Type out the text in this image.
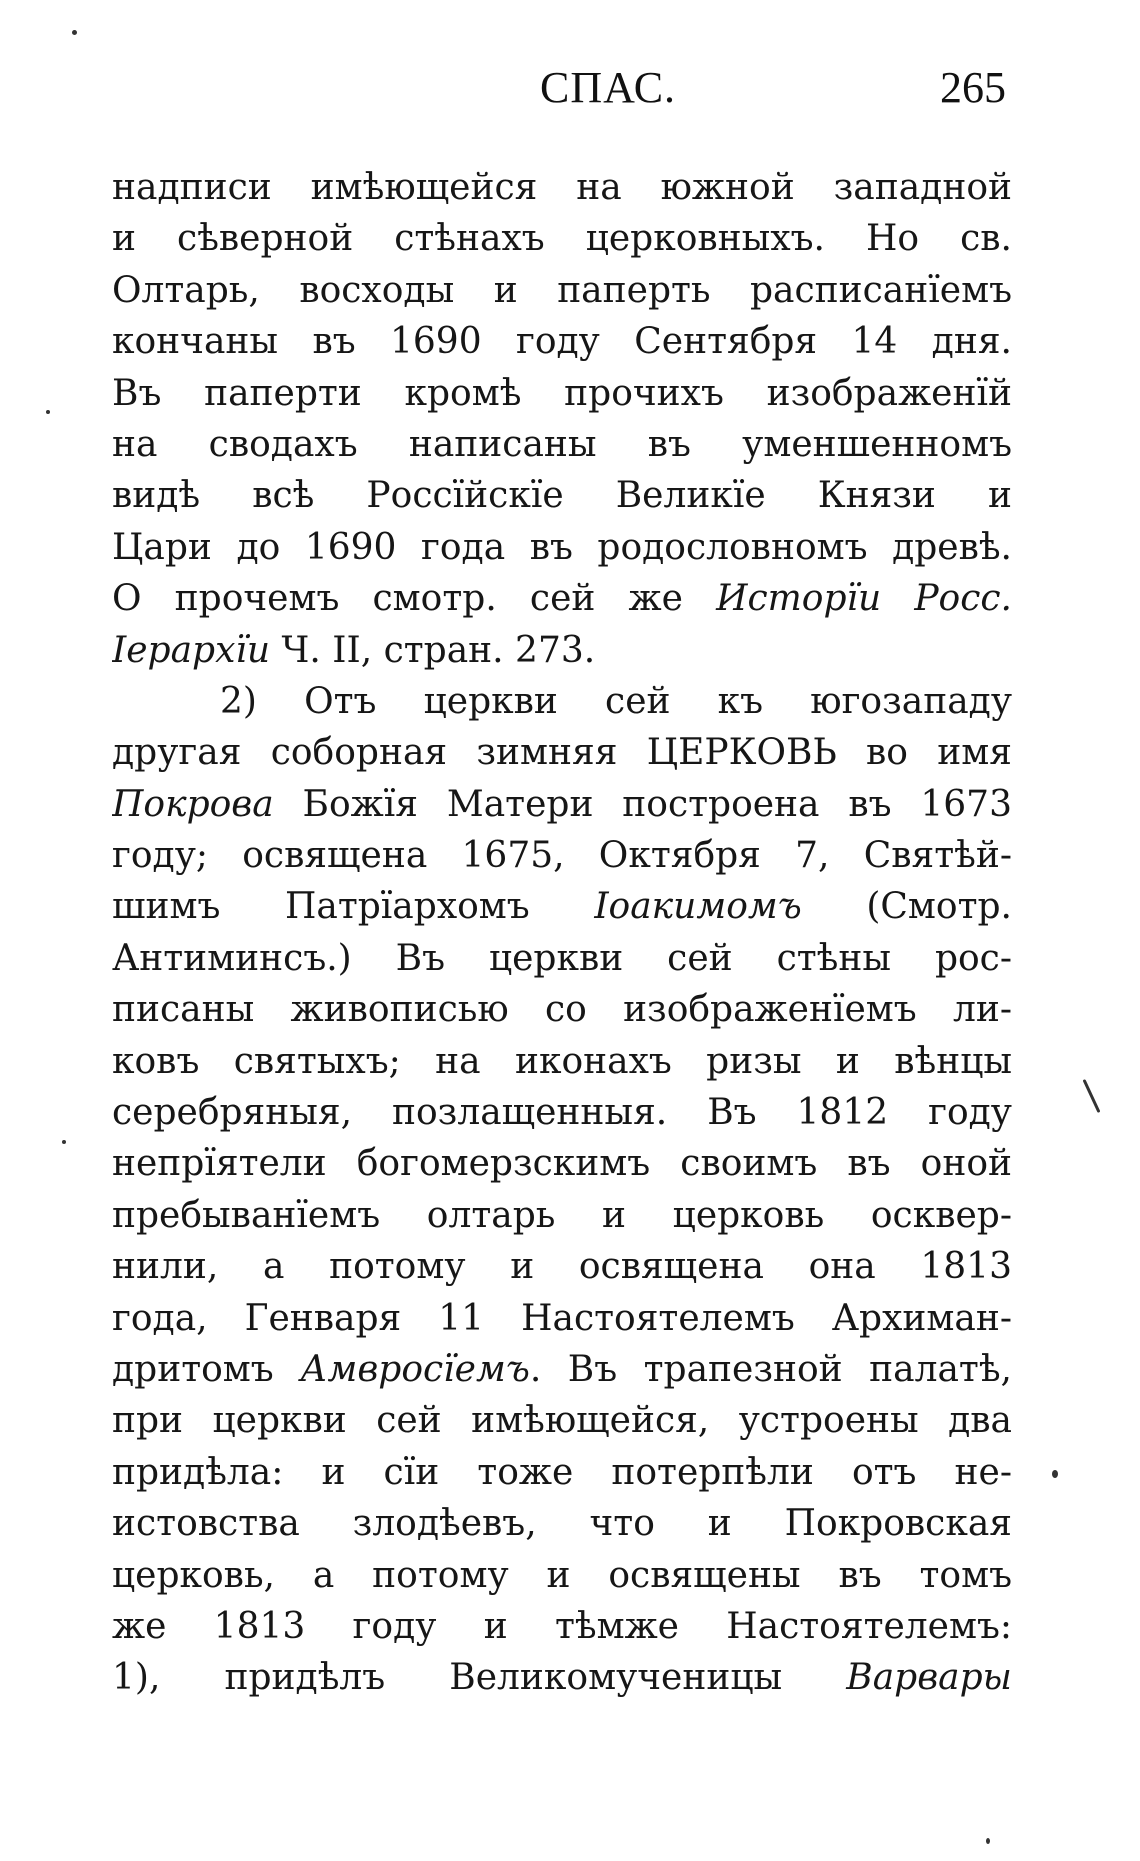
СПАС.	265
надписи имѣющейся на южной западной
и сѣверной стѣнахъ церковныхъ. Но св.
Олтарь, восходы и паперть расписанїемъ
кончаны въ 1690 году Сентября 14 дня.
Въ паперти кромѣ прочихъ изображенїй
на сводахъ написаны въ уменшенномъ
видѣ всѣ Россїйскїе Великїе Князи и
Цари до 1690 года въ родословномъ древѣ.
О прочемъ смотр. сей же Исторїи Росс.
Iерархїи Ч. II, стран. 273.
2) Отъ церкви сей къ югозападу
другая соборная зимняя ЦЕРКОВЬ во имя
Покрова Божїя Матери построена въ 1673
году; освящена 1675, Октября 7, Святѣй-
шимъ Патрїархомъ Iоакимомъ (Смотр.
Антиминсъ.) Въ церкви сей стѣны рос-
писаны живописью со изображенїемъ ли-
ковъ святыхъ; на иконахъ ризы и вѣнцы
серебряныя, позлащенныя. Въ 1812 году
непрїятели богомерзскимъ своимъ въ оной
пребыванїемъ олтарь и церковь осквер-
нили, а потому и освящена она 1813
года, Генваря 11 Настоятелемъ Архиман-
дритомъ Амвросїемъ. Въ трапезной палатѣ,
при церкви сей имѣющейся, устроены два
придѣла: и сїи тоже потерпѣли отъ не-
истовства злодѣевъ, что и Покровская
церковь, а потому и освящены въ томъ
же 1813 году и тѣмже Настоятелемъ:
1), придѣлъ Великомученицы Варвары
